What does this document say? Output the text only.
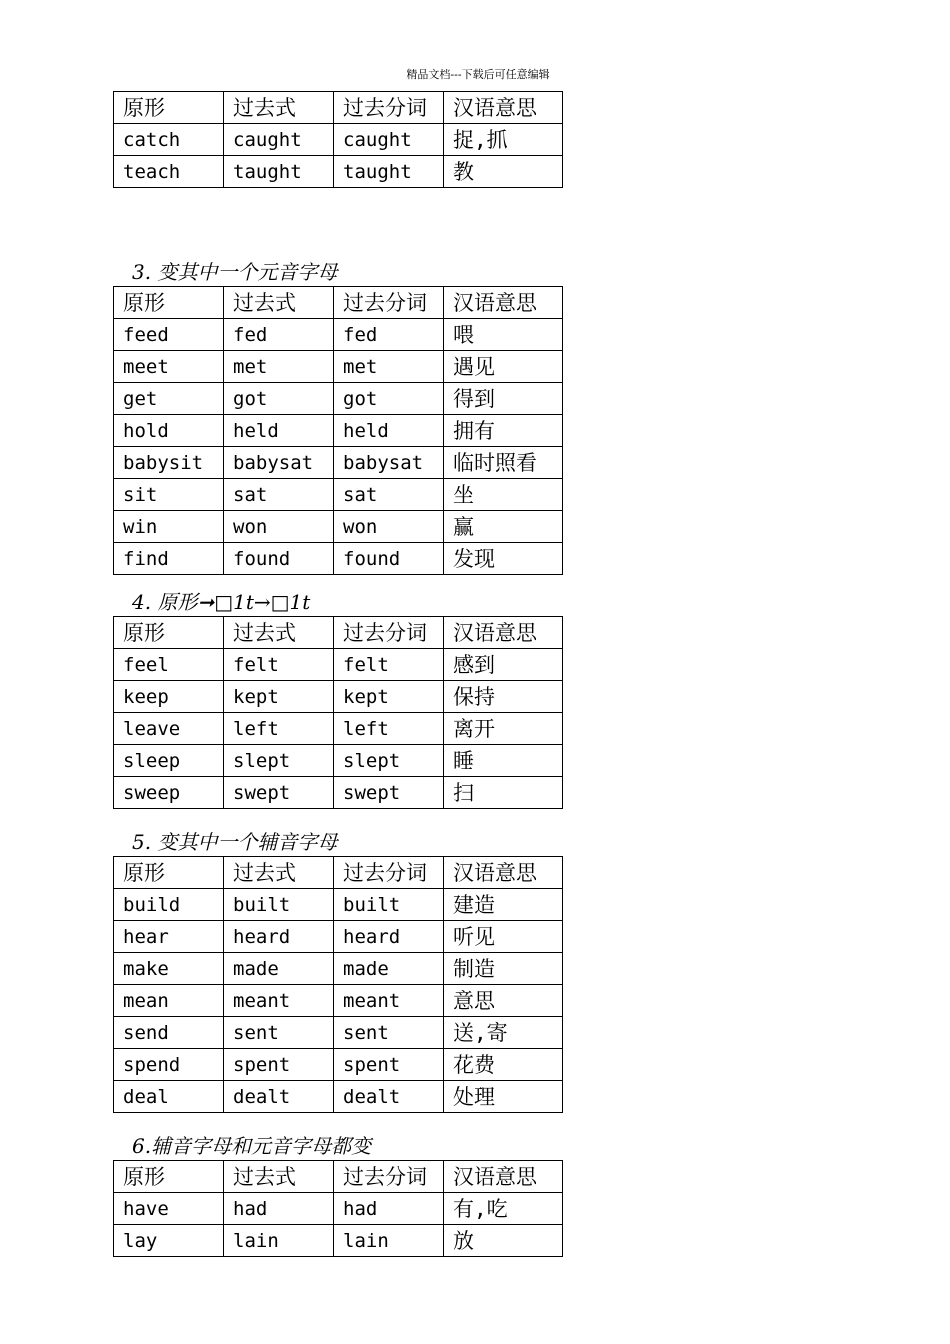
精品文档---下载后可任意编辑
原形	过去式	过去分词	汉语意思
catch	caught	caught	捉,抓
teach	taught	taught	教
3. 变其中一个元音字母
原形	过去式	过去分词	汉语意思
feed	fed	fed	喂
meet	met	met	遇见
get	got	got	得到
hold	held	held	拥有
babysit	babysat	babysat	临时照看
sit	sat	sat	坐
win	won	won	赢
find	found	found	发现
4. 原形➞□1t→□1t
原形	过去式	过去分词	汉语意思
feel	felt	felt	感到
keep	kept	kept	保持
leave	left	left	离开
sleep	slept	slept	睡
sweep	swept	swept	扫
5. 变其中一个辅音字母
原形	过去式	过去分词	汉语意思
build	built	built	建造
hear	heard	heard	听见
make	made	made	制造
mean	meant	meant	意思
send	sent	sent	送,寄
spend	spent	spent	花费
deal	dealt	dealt	处理
6.辅音字母和元音字母都变
原形	过去式	过去分词	汉语意思
have	had	had	有,吃
lay	lain	lain	放
